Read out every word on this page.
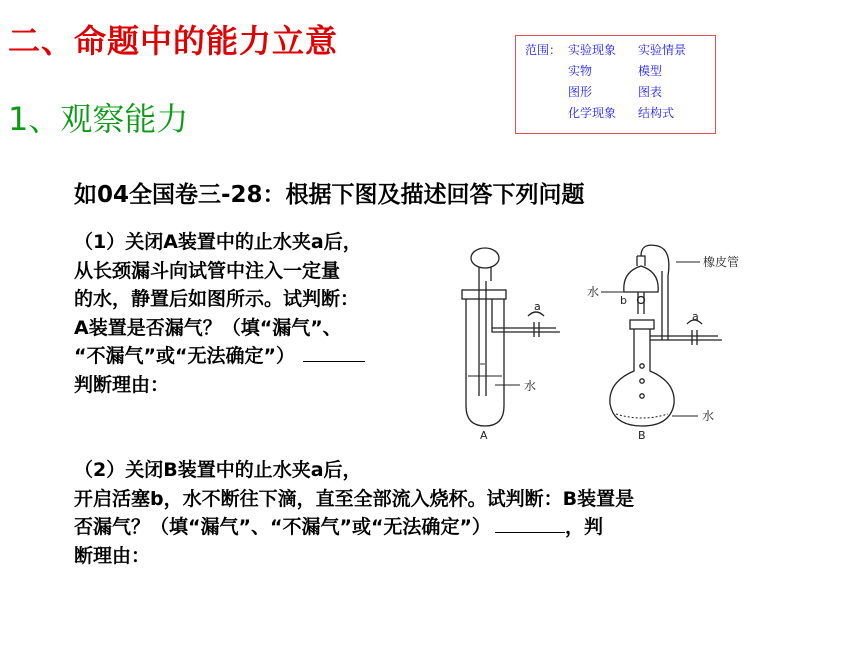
二、命题中的能力立意
1、观察能力
范围： 实验现象 实验情景
实物	模型
图形	图表
化学现象 结构式
如04全国卷三-28：根据下图及描述回答下列问题
（1）关闭A装置中的止水夹a后，
从长颈漏斗向试管中注入一定量
的水，静置后如图所示。试判断：
A装置是否漏气？（填“漏气”、
“不漏气”或“无法确定”）
判断理由：
（2）关闭B装置中的止水夹a后，
开启活塞b，水不断往下滴，直至全部流入烧杯。试判断：B装置是
否漏气？（填“漏气”、“不漏气”或“无法确定”）	，判
断理由：
a
水
A
橡皮管
水
b
a
水
B
